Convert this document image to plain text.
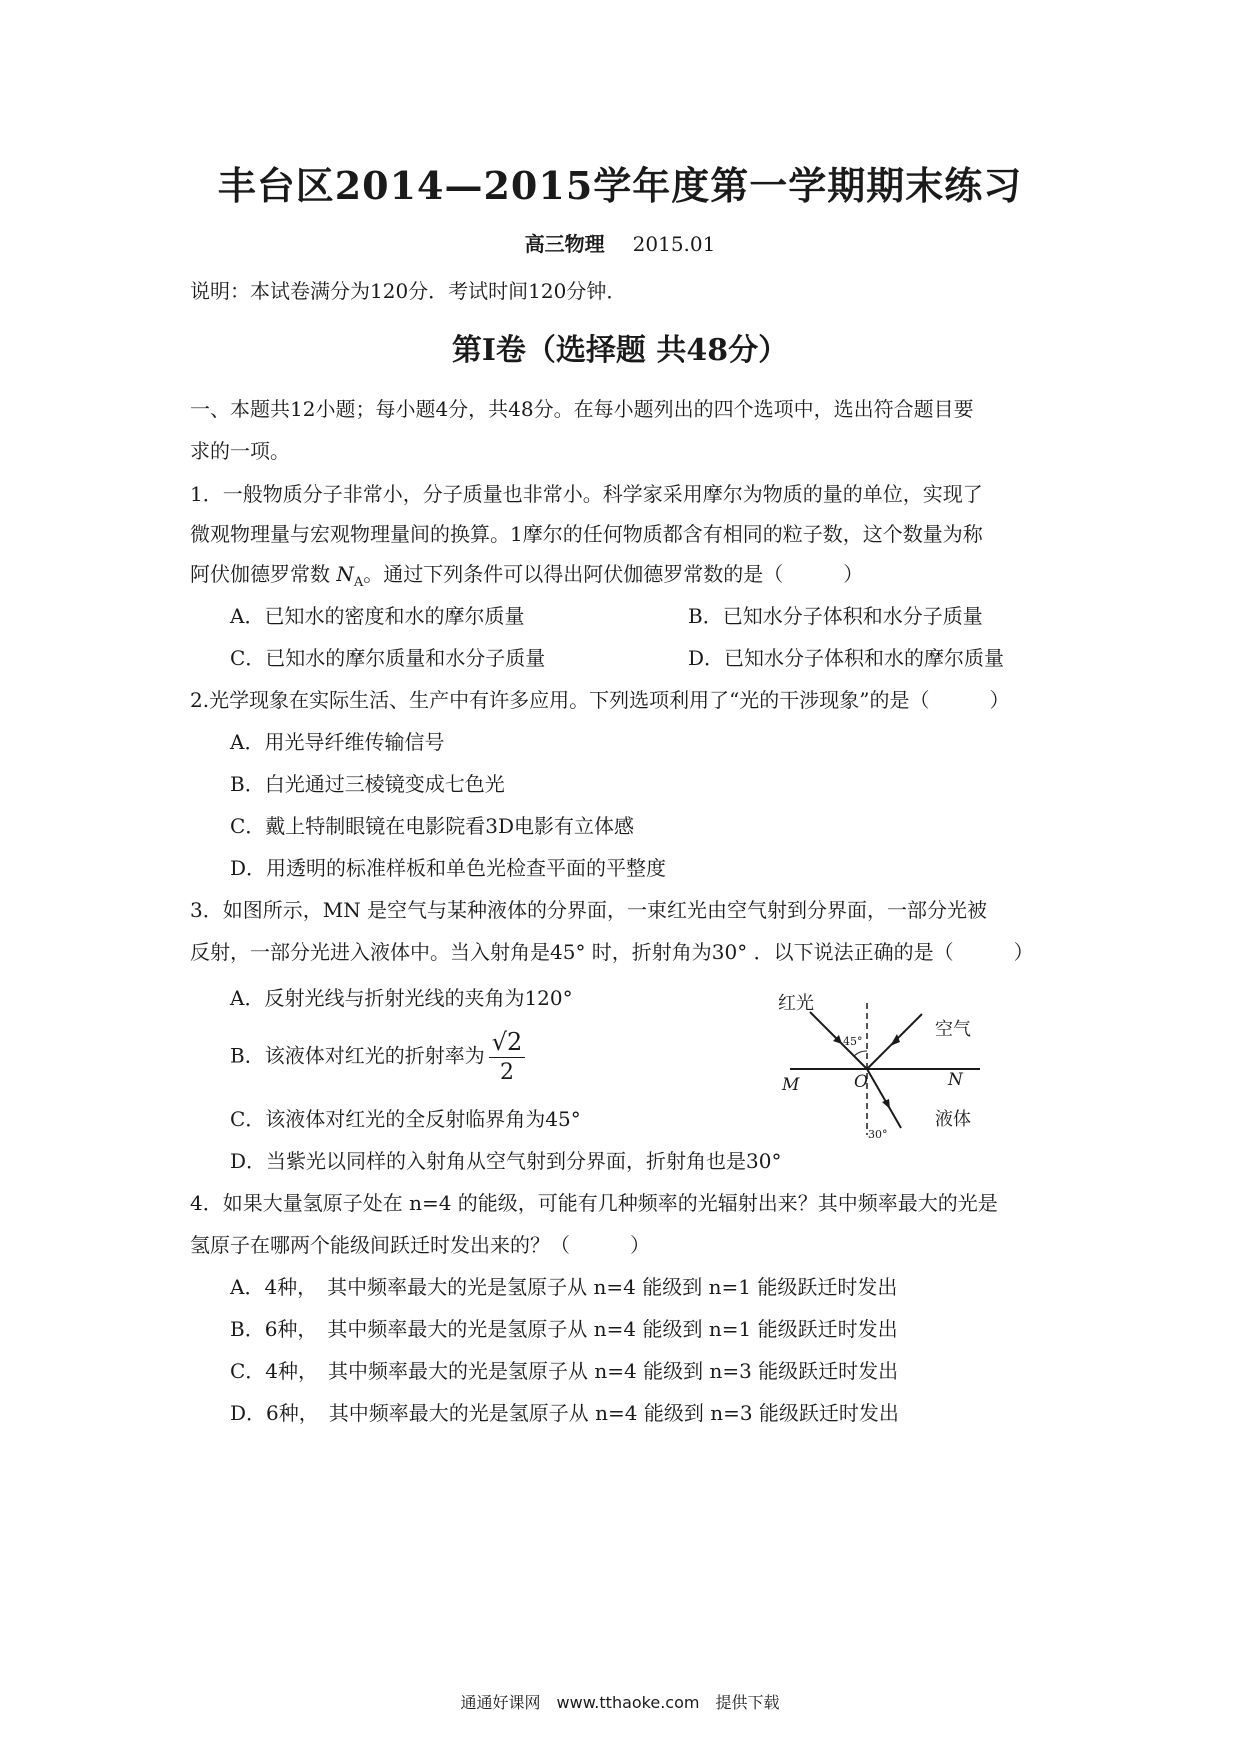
丰台区2014—2015学年度第一学期期末练习
高三物理 2015.01
说明：本试卷满分为120分．考试时间120分钟．
第Ⅰ卷（选择题 共48分）
一、本题共12小题；每小题4分，共48分。在每小题列出的四个选项中，选出符合题目要
求的一项。
1．一般物质分子非常小，分子质量也非常小。科学家采用摩尔为物质的量的单位，实现了
微观物理量与宏观物理量间的换算。1摩尔的任何物质都含有相同的粒子数，这个数量为称
阿伏伽德罗常数 $N_A$。通过下列条件可以得出阿伏伽德罗常数的是（　　　）
A．已知水的密度和水的摩尔质量	B．已知水分子体积和水分子质量
C．已知水的摩尔质量和水分子质量	D．已知水分子体积和水的摩尔质量
2.光学现象在实际生活、生产中有许多应用。下列选项利用了“光的干涉现象”的是（　　　）
A．用光导纤维传输信号
B．白光通过三棱镜变成七色光
C．戴上特制眼镜在电影院看3D电影有立体感
D．用透明的标准样板和单色光检查平面的平整度
3．如图所示，MN 是空气与某种液体的分界面，一束红光由空气射到分界面，一部分光被
反射，一部分光进入液体中。当入射角是45° 时，折射角为30° ．以下说法正确的是（　　　）
A．反射光线与折射光线的夹角为120°
B．该液体对红光的折射率为 $\frac{√2}{2}$
C．该液体对红光的全反射临界角为45°
D．当紫光以同样的入射角从空气射到分界面，折射角也是30°
红光
空气
液体
M	N
O
45°
30°
4．如果大量氢原子处在 n=4 的能级，可能有几种频率的光辐射出来？其中频率最大的光是
氢原子在哪两个能级间跃迁时发出来的？（　　　）
A．4种，　其中频率最大的光是氢原子从 n=4 能级到 n=1 能级跃迁时发出
B．6种，　其中频率最大的光是氢原子从 n=4 能级到 n=1 能级跃迁时发出
C．4种，　其中频率最大的光是氢原子从 n=4 能级到 n=3 能级跃迁时发出
D．6种，　其中频率最大的光是氢原子从 n=4 能级到 n=3 能级跃迁时发出
通通好课网　www.tthaoke.com　提供下载
